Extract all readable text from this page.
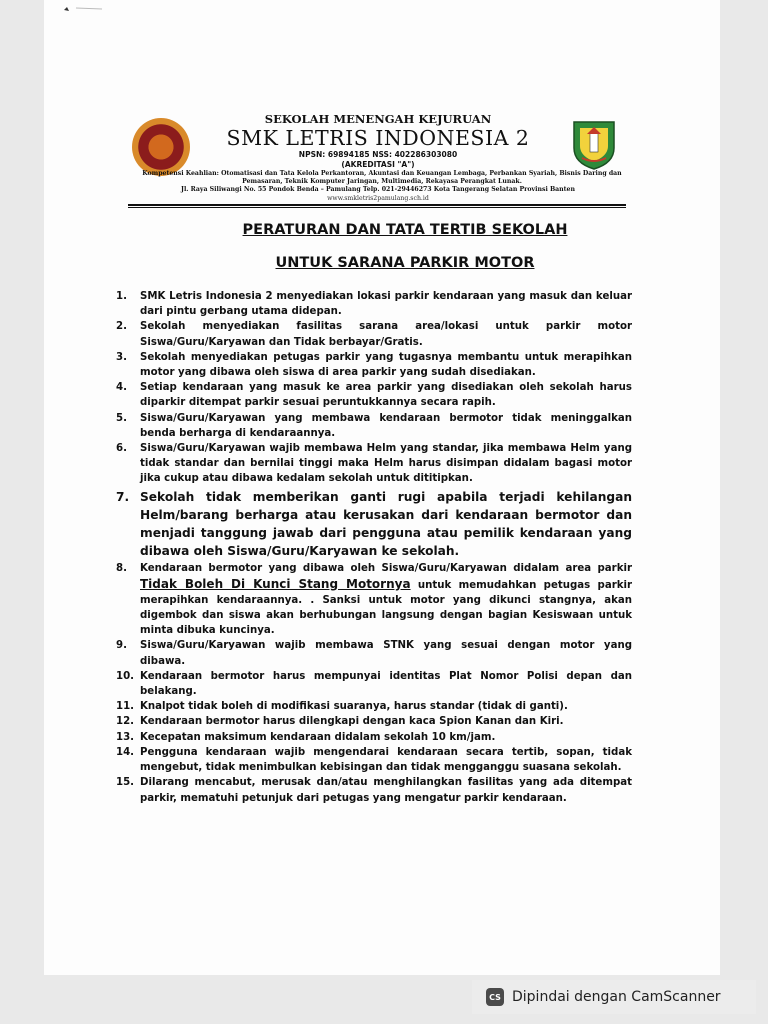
SEKOLAH MENENGAH KEJURUAN
SMK LETRIS INDONESIA 2
NPSN: 69894185 NSS: 402286303080
(AKREDITASI "A")
Kompetensi Keahlian: Otomatisasi dan Tata Kelola Perkantoran, Akuntasi dan Keuangan Lembaga, Perbankan Syariah, Bisnis Daring dan Pemasaran, Teknik Komputer Jaringan, Multimedia, Rekayasa Perangkat Lunak.
Jl. Raya Siliwangi No. 55 Pondok Benda – Pamulang Telp. 021-29446273 Kota Tangerang Selatan Provinsi Banten
www.smkletris2pamulang.sch.id
PERATURAN DAN TATA TERTIB SEKOLAH
UNTUK SARANA PARKIR MOTOR
1. SMK Letris Indonesia 2 menyediakan lokasi parkir kendaraan yang masuk dan keluar dari pintu gerbang utama didepan.
2. Sekolah menyediakan fasilitas sarana area/lokasi untuk parkir motor Siswa/Guru/Karyawan dan Tidak berbayar/Gratis.
3. Sekolah menyediakan petugas parkir yang tugasnya membantu untuk merapihkan motor yang dibawa oleh siswa di area parkir yang sudah disediakan.
4. Setiap kendaraan yang masuk ke area parkir yang disediakan oleh sekolah harus diparkir ditempat parkir sesuai peruntukkannya secara rapih.
5. Siswa/Guru/Karyawan yang membawa kendaraan bermotor tidak meninggalkan benda berharga di kendaraannya.
6. Siswa/Guru/Karyawan wajib membawa Helm yang standar, jika membawa Helm yang tidak standar dan bernilai tinggi maka Helm harus disimpan didalam bagasi motor jika cukup atau dibawa kedalam sekolah untuk dititipkan.
7. Sekolah tidak memberikan ganti rugi apabila terjadi kehilangan Helm/barang berharga atau kerusakan dari kendaraan bermotor dan menjadi tanggung jawab dari pengguna atau pemilik kendaraan yang dibawa oleh Siswa/Guru/Karyawan ke sekolah.
8. Kendaraan bermotor yang dibawa oleh Siswa/Guru/Karyawan didalam area parkir Tidak Boleh Di Kunci Stang Motornya untuk memudahkan petugas parkir merapihkan kendaraannya. . Sanksi untuk motor yang dikunci stangnya, akan digembok dan siswa akan berhubungan langsung dengan bagian Kesiswaan untuk minta dibuka kuncinya.
9. Siswa/Guru/Karyawan wajib membawa STNK yang sesuai dengan motor yang dibawa.
10. Kendaraan bermotor harus mempunyai identitas Plat Nomor Polisi depan dan belakang.
11. Knalpot tidak boleh di modifikasi suaranya, harus standar (tidak di ganti).
12. Kendaraan bermotor harus dilengkapi dengan kaca Spion Kanan dan Kiri.
13. Kecepatan maksimum kendaraan didalam sekolah 10 km/jam.
14. Pengguna kendaraan wajib mengendarai kendaraan secara tertib, sopan, tidak mengebut, tidak menimbulkan kebisingan dan tidak mengganggu suasana sekolah.
15. Dilarang mencabut, merusak dan/atau menghilangkan fasilitas yang ada ditempat parkir, mematuhi petunjuk dari petugas yang mengatur parkir kendaraan.
CS Dipindai dengan CamScanner
